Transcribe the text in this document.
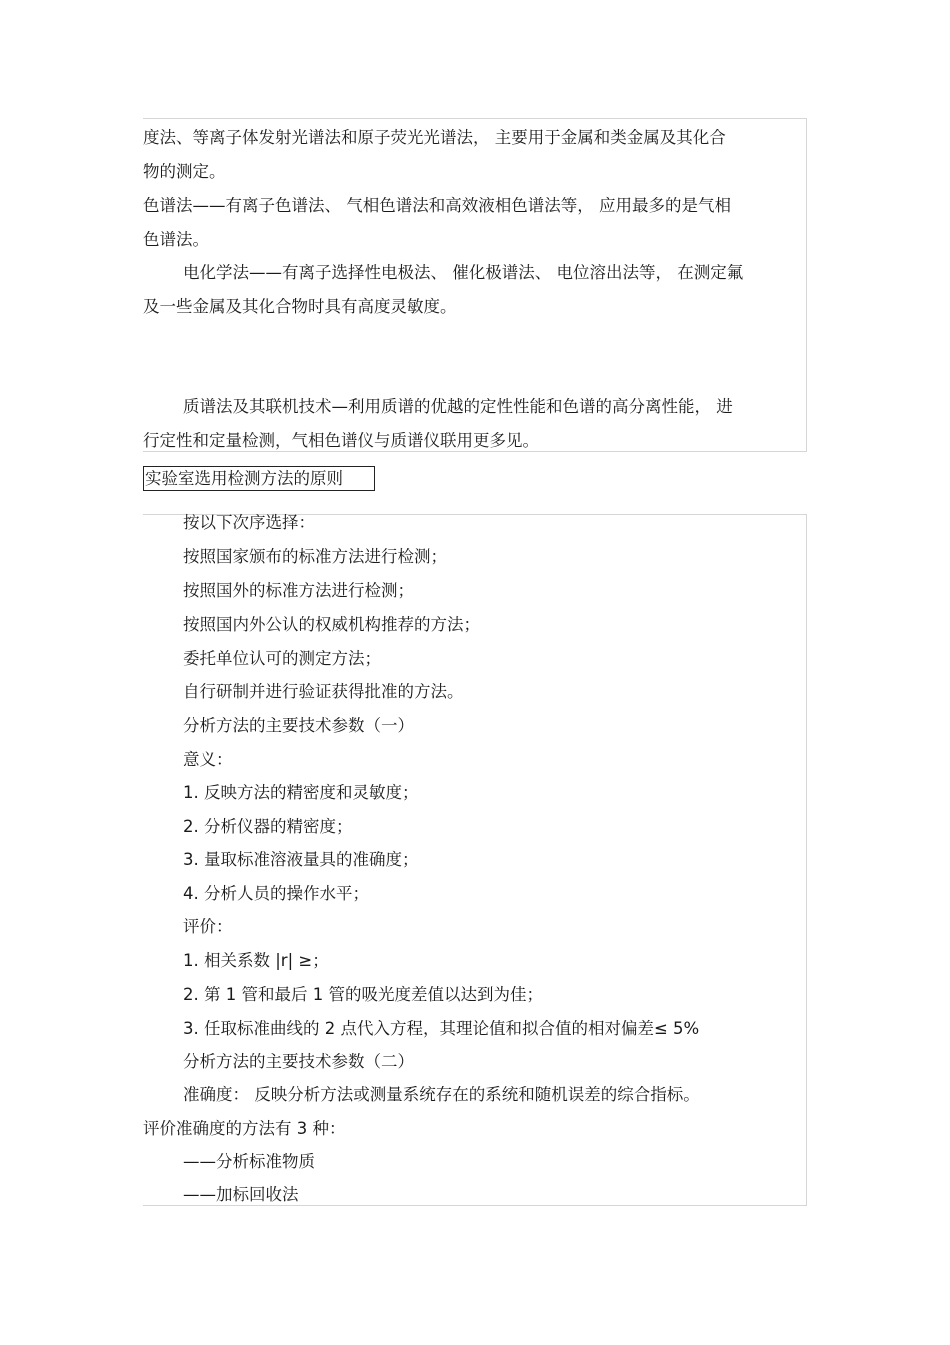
度法、等离子体发射光谱法和原子荧光光谱法， 主要用于金属和类金属及其化合
物的测定。
色谱法——有离子色谱法、 气相色谱法和高效液相色谱法等， 应用最多的是气相
色谱法。
电化学法——有离子选择性电极法、 催化极谱法、 电位溶出法等， 在测定氟
及一些金属及其化合物时具有高度灵敏度。
质谱法及其联机技术—利用质谱的优越的定性性能和色谱的高分离性能， 进
行定性和定量检测，气相色谱仪与质谱仪联用更多见。
实验室选用检测方法的原则
按以下次序选择：
按照国家颁布的标准方法进行检测；
按照国外的标准方法进行检测；
按照国内外公认的权威机构推荐的方法；
委托单位认可的测定方法；
自行研制并进行验证获得批准的方法。
分析方法的主要技术参数（一）
意义：
1. 反映方法的精密度和灵敏度；
2. 分析仪器的精密度；
3. 量取标准溶液量具的准确度；
4. 分析人员的操作水平；
评价：
1. 相关系数 |r| ≥；
2. 第 1 管和最后 1 管的吸光度差值以达到为佳；
3. 任取标准曲线的 2 点代入方程，其理论值和拟合值的相对偏差≤ 5%
分析方法的主要技术参数（二）
准确度： 反映分析方法或测量系统存在的系统和随机误差的综合指标。
评价准确度的方法有 3 种：
——分析标准物质
——加标回收法
